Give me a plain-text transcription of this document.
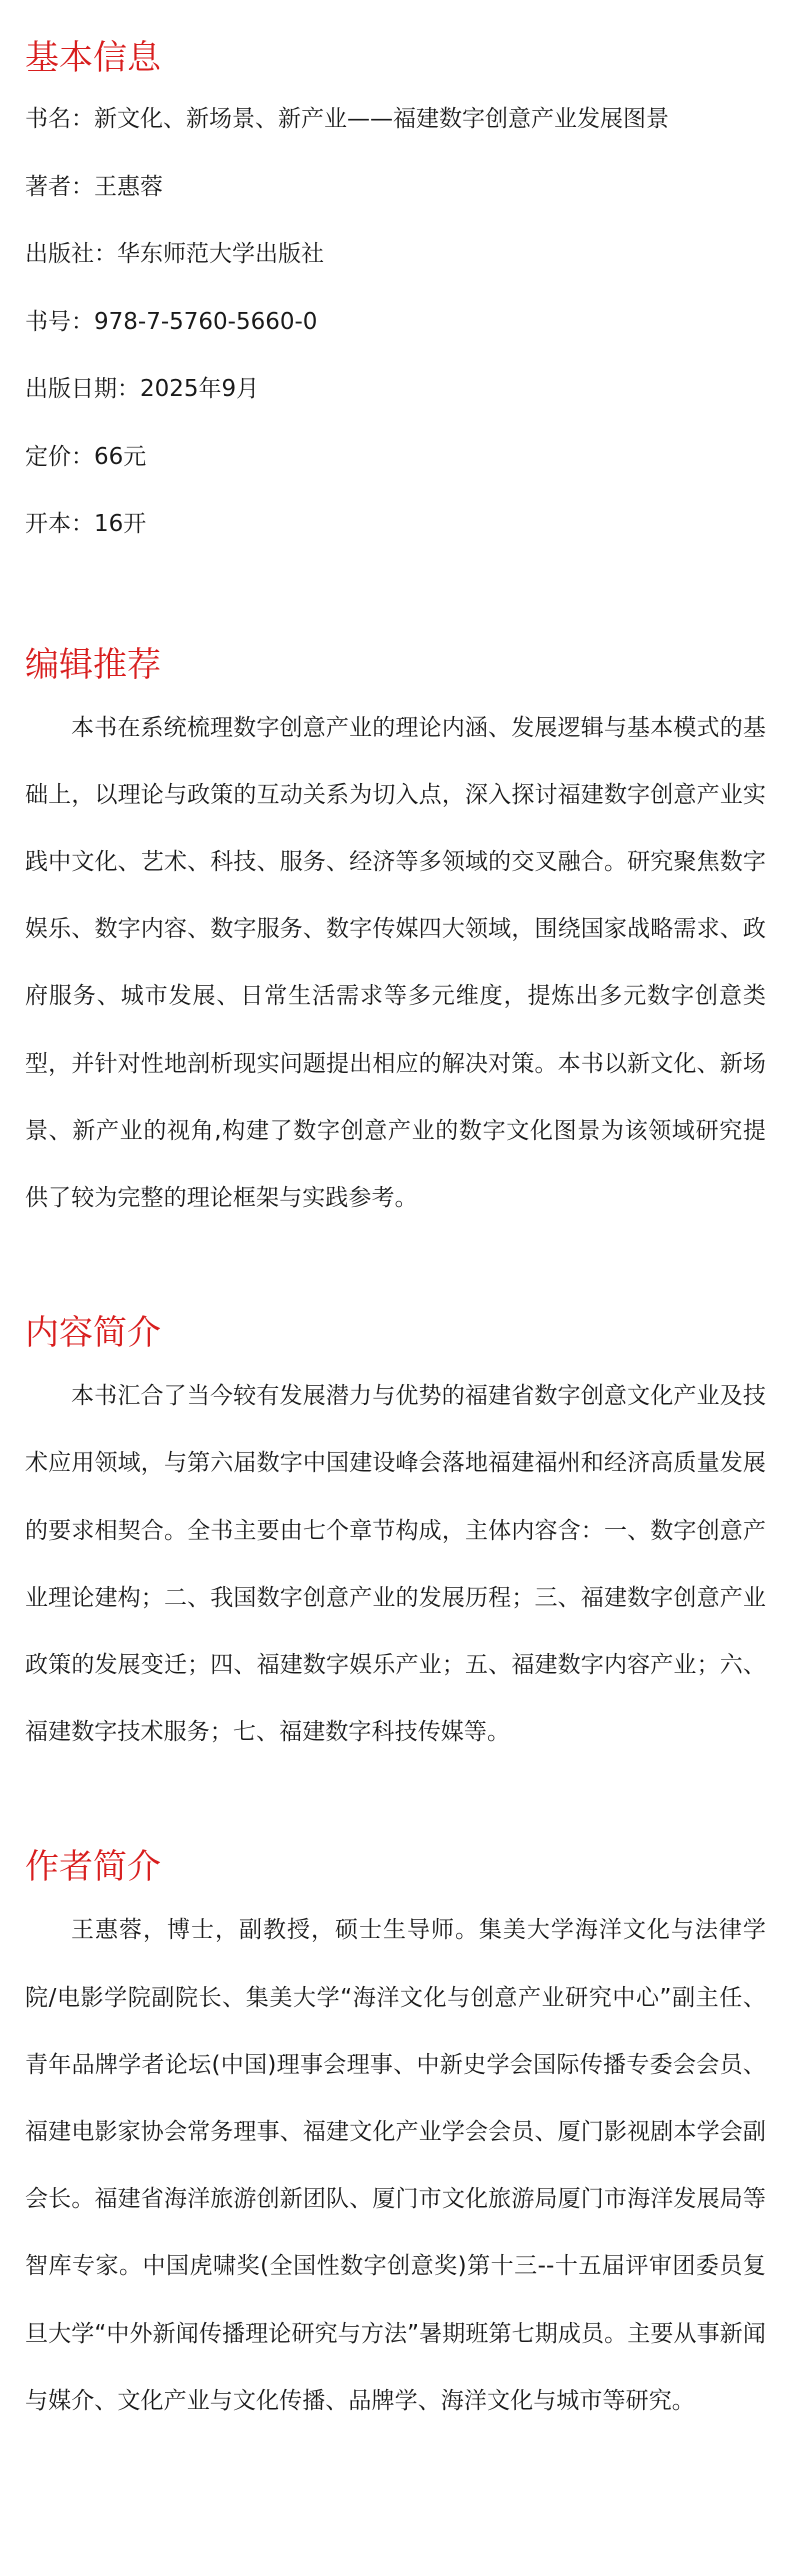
基本信息
书名：新文化、新场景、新产业——福建数字创意产业发展图景
著者：王惠蓉
出版社：华东师范大学出版社
书号：978-7-5760-5660-0
出版日期：2025年9月
定价：66元
开本：16开
编辑推荐

本书在系统梳理数字创意产业的理论内涵、发展逻辑与基本模式的基础上，以理论与政策的互动关系为切入点，深入探讨福建数字创意产业实践中文化、艺术、科技、服务、经济等多领域的交叉融合。研究聚焦数字娱乐、数字内容、数字服务、数字传媒四大领域，围绕国家战略需求、政府服务、城市发展、日常生活需求等多元维度，提炼出多元数字创意类型，并针对性地剖析现实问题提出相应的解决对策。本书以新文化、新场景、新产业的视角,构建了数字创意产业的数字文化图景为该领域研究提供了较为完整的理论框架与实践参考。

内容简介

本书汇合了当今较有发展潜力与优势的福建省数字创意文化产业及技术应用领域，与第六届数字中国建设峰会落地福建福州和经济高质量发展的要求相契合。全书主要由七个章节构成，主体内容含：一、数字创意产业理论建构；二、我国数字创意产业的发展历程；三、福建数字创意产业政策的发展变迁；四、福建数字娱乐产业；五、福建数字内容产业；六、福建数字技术服务；七、福建数字科技传媒等。

作者简介

王惠蓉，博士，副教授，硕士生导师。集美大学海洋文化与法律学院/电影学院副院长、集美大学“海洋文化与创意产业研究中心”副主任、青年品牌学者论坛(中国)理事会理事、中新史学会国际传播专委会会员、福建电影家协会常务理事、福建文化产业学会会员、厦门影视剧本学会副会长。福建省海洋旅游创新团队、厦门市文化旅游局厦门市海洋发展局等智库专家。中国虎啸奖(全国性数字创意奖)第十三--十五届评审团委员复旦大学“中外新闻传播理论研究与方法”暑期班第七期成员。主要从事新闻与媒介、文化产业与文化传播、品牌学、海洋文化与城市等研究。
